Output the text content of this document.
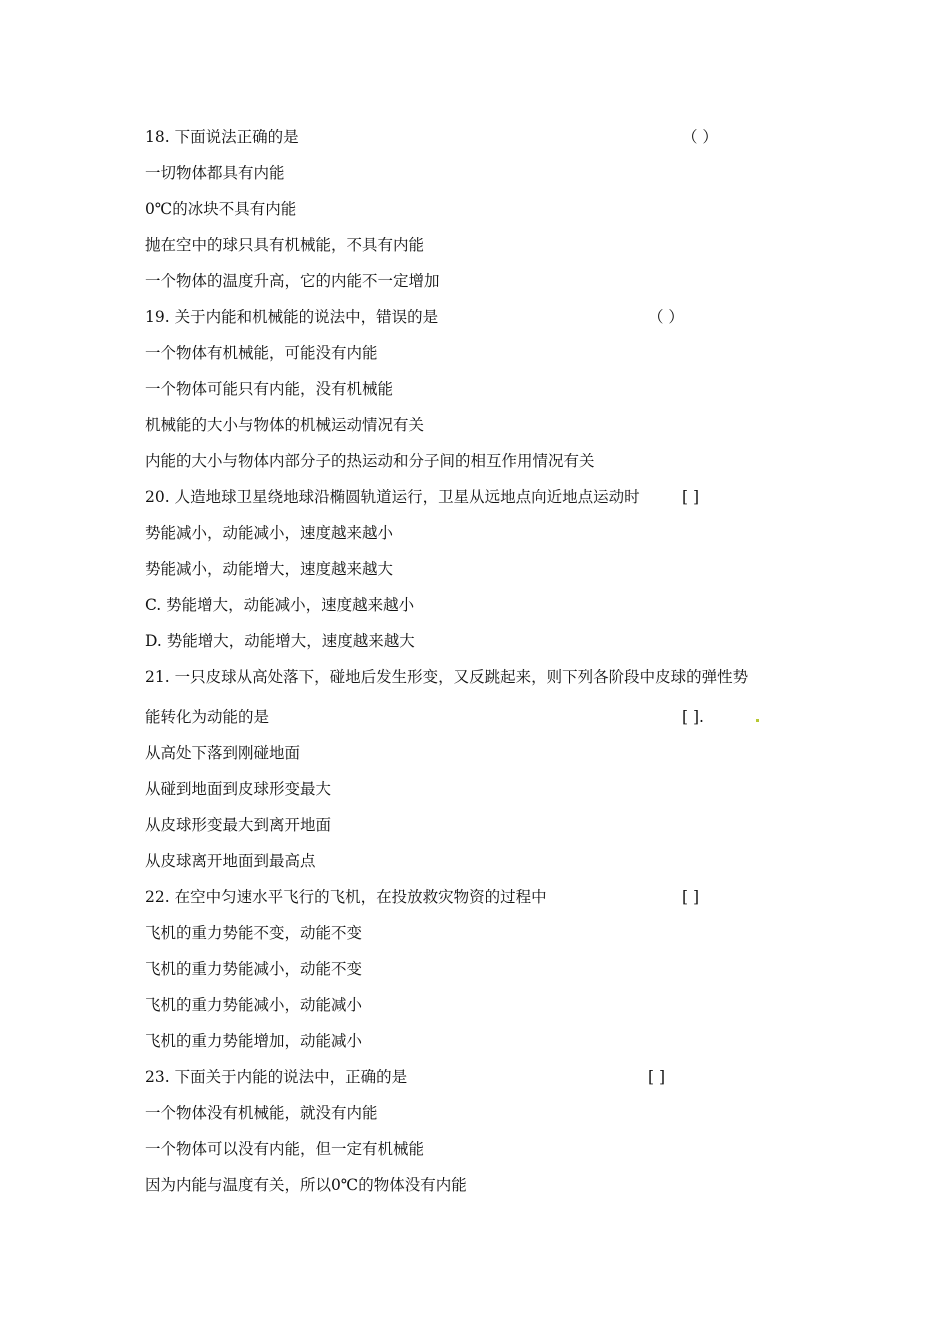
18. 下面说法正确的是	（ ）
一切物体都具有内能
0℃的冰块不具有内能
抛在空中的球只具有机械能，不具有内能
一个物体的温度升高，它的内能不一定增加
19. 关于内能和机械能的说法中，错误的是	（ ）
一个物体有机械能，可能没有内能
一个物体可能只有内能，没有机械能
机械能的大小与物体的机械运动情况有关
内能的大小与物体内部分子的热运动和分子间的相互作用情况有关
20. 人造地球卫星绕地球沿椭圆轨道运行，卫星从远地点向近地点运动时	[ ]
势能减小，动能减小，速度越来越小
势能减小，动能增大，速度越来越大
C. 势能增大，动能减小，速度越来越小
D. 势能增大，动能增大，速度越来越大
21. 一只皮球从高处落下，碰地后发生形变，又反跳起来，则下列各阶段中皮球的弹性势
能转化为动能的是	[ ].
从高处下落到刚碰地面
从碰到地面到皮球形变最大
从皮球形变最大到离开地面
从皮球离开地面到最高点
22. 在空中匀速水平飞行的飞机，在投放救灾物资的过程中	[ ]
飞机的重力势能不变，动能不变
飞机的重力势能减小，动能不变
飞机的重力势能减小，动能减小
飞机的重力势能增加，动能减小
23. 下面关于内能的说法中，正确的是	[ ]
一个物体没有机械能，就没有内能
一个物体可以没有内能，但一定有机械能
因为内能与温度有关，所以0℃的物体没有内能
